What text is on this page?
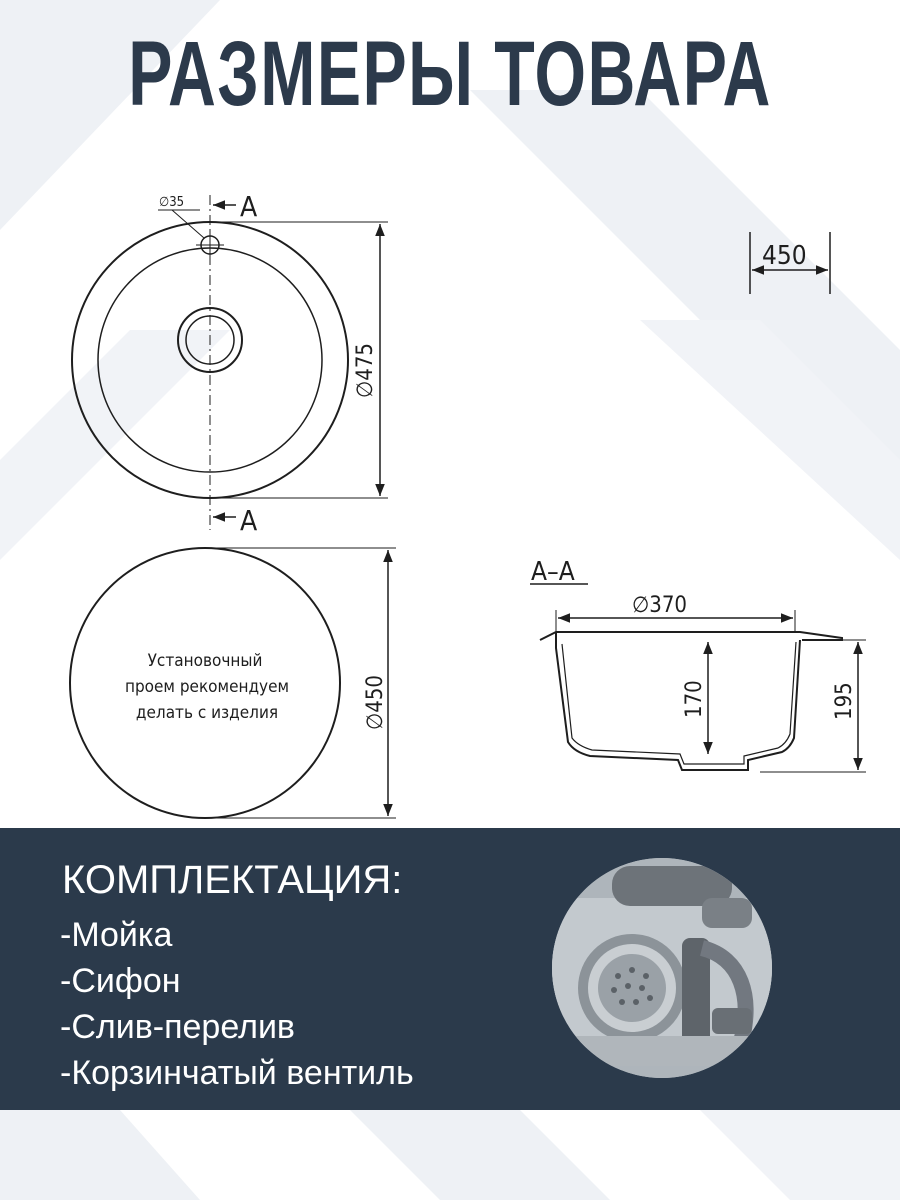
РАЗМЕРЫ ТОВАРА
∅35 A
A
∅475
450
Установочный
проем рекомендуем
делать с изделия	∅450
А–А
∅370
170	195
КОМПЛЕКТАЦИЯ:
-Мойка
-Сифон
-Слив-перелив
-Корзинчатый вентиль
